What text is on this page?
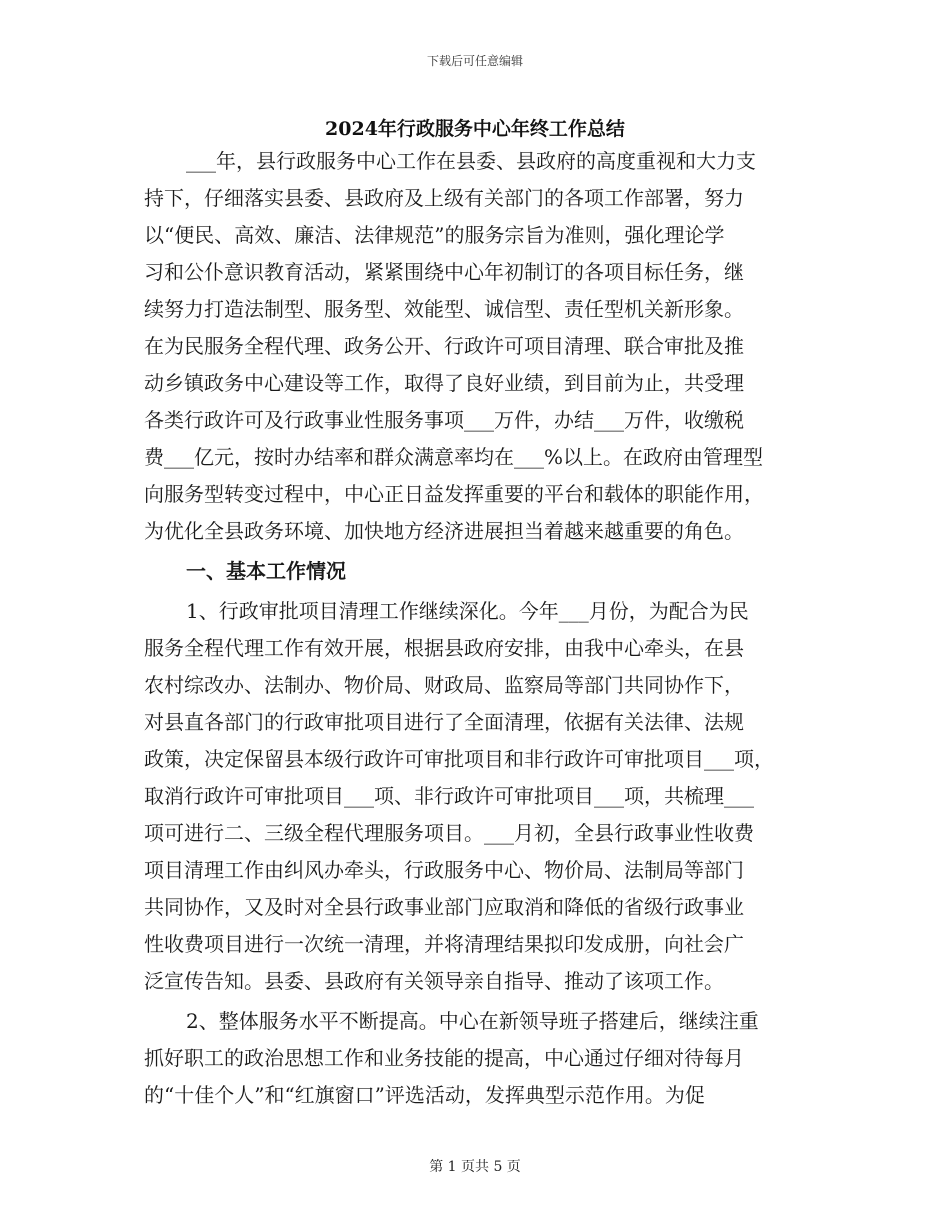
下载后可任意编辑
2024年行政服务中心年终工作总结
___年，县行政服务中心工作在县委、县政府的高度重视和大力支
持下，仔细落实县委、县政府及上级有关部门的各项工作部署，努力
以“便民、高效、廉洁、法律规范”的服务宗旨为准则，强化理论学
习和公仆意识教育活动，紧紧围绕中心年初制订的各项目标任务，继
续努力打造法制型、服务型、效能型、诚信型、责任型机关新形象。
在为民服务全程代理、政务公开、行政许可项目清理、联合审批及推
动乡镇政务中心建设等工作，取得了良好业绩，到目前为止，共受理
各类行政许可及行政事业性服务事项___万件，办结___万件，收缴税
费___亿元，按时办结率和群众满意率均在___%以上。在政府由管理型
向服务型转变过程中，中心正日益发挥重要的平台和载体的职能作用，
为优化全县政务环境、加快地方经济进展担当着越来越重要的角色。
一、基本工作情况
1、行政审批项目清理工作继续深化。今年___月份，为配合为民
服务全程代理工作有效开展，根据县政府安排，由我中心牵头，在县
农村综改办、法制办、物价局、财政局、监察局等部门共同协作下，
对县直各部门的行政审批项目进行了全面清理，依据有关法律、法规
政策，决定保留县本级行政许可审批项目和非行政许可审批项目___项，
取消行政许可审批项目___项、非行政许可审批项目___项，共梳理___
项可进行二、三级全程代理服务项目。___月初，全县行政事业性收费
项目清理工作由纠风办牵头，行政服务中心、物价局、法制局等部门
共同协作，又及时对全县行政事业部门应取消和降低的省级行政事业
性收费项目进行一次统一清理，并将清理结果拟印发成册，向社会广
泛宣传告知。县委、县政府有关领导亲自指导、推动了该项工作。
2、整体服务水平不断提高。中心在新领导班子搭建后，继续注重
抓好职工的政治思想工作和业务技能的提高，中心通过仔细对待每月
的“十佳个人”和“红旗窗口”评选活动，发挥典型示范作用。为促
第 1 页共 5 页
